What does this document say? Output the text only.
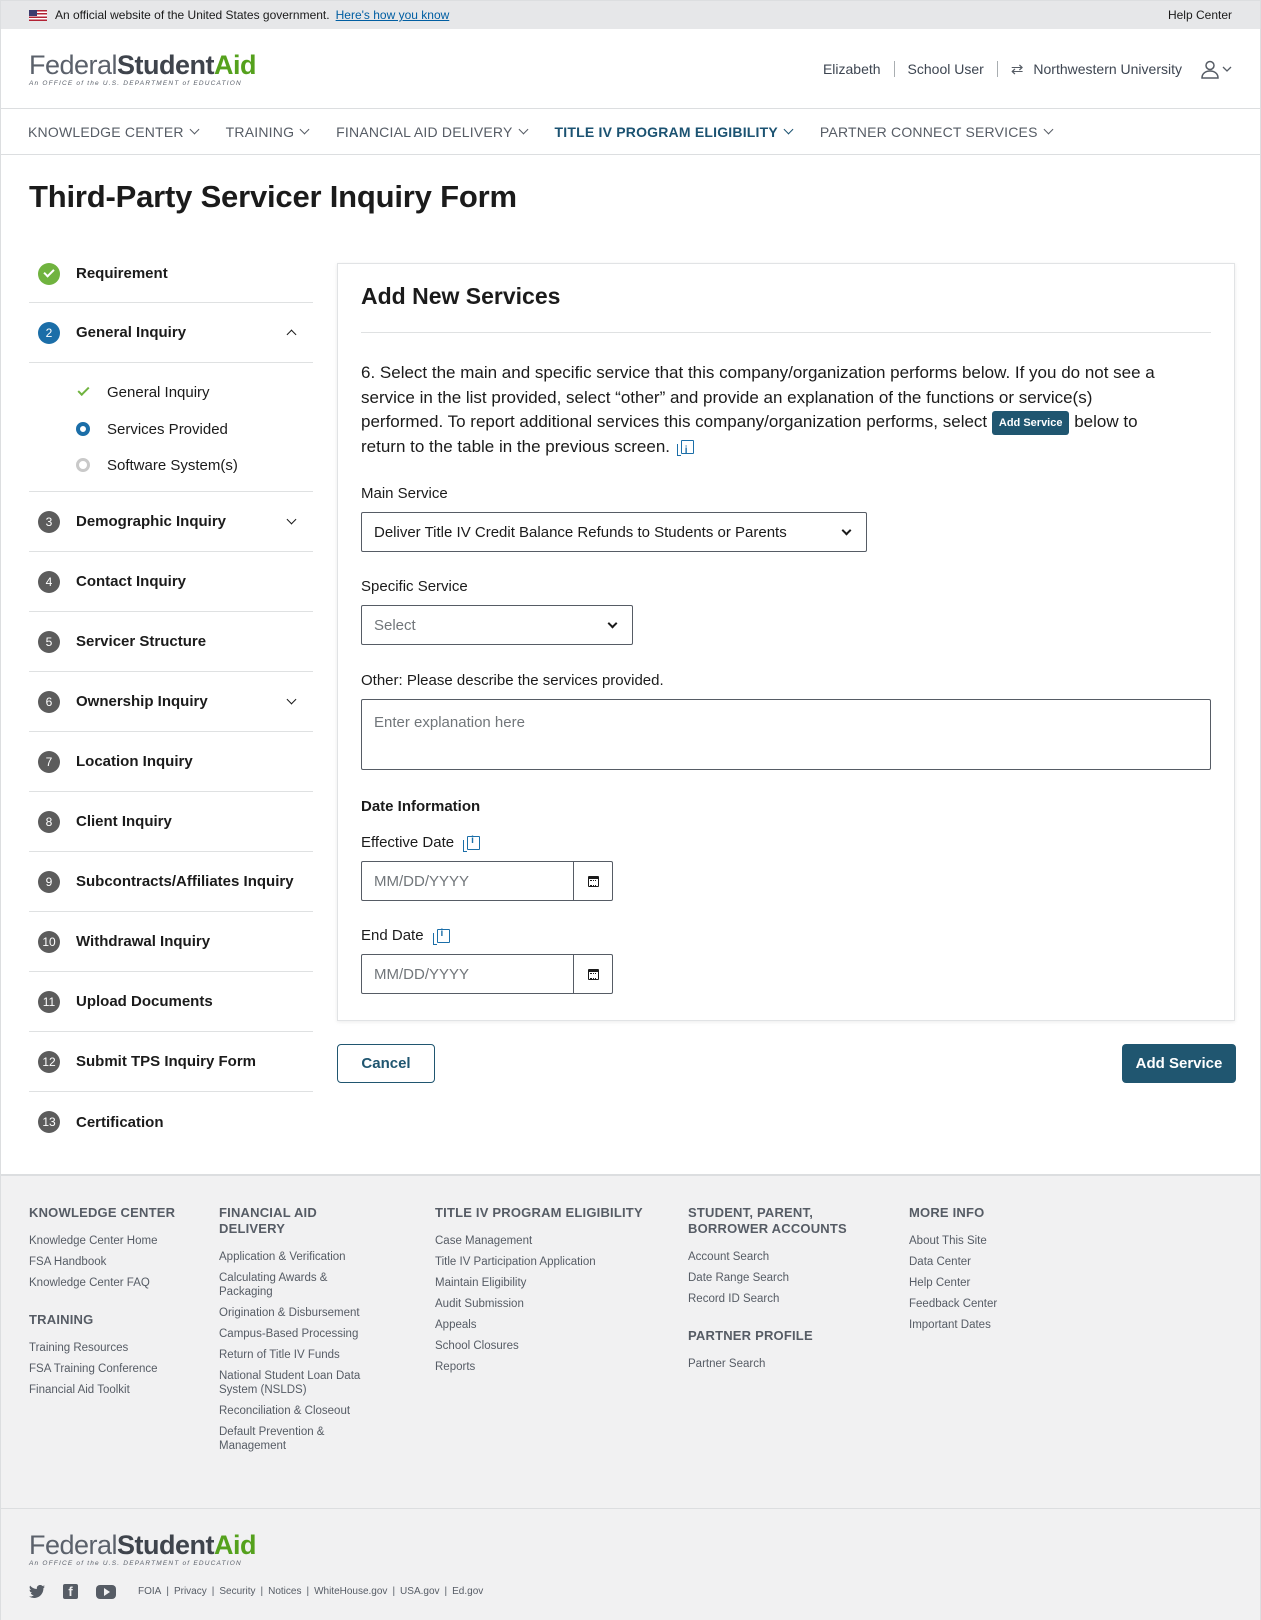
An official website of the United States government. Here's how you know	Help Center
FederalStudentAid
An OFFICE of the U.S. DEPARTMENT of EDUCATION
Elizabeth School User ⇄ Northwestern University
KNOWLEDGE CENTER	TRAINING	FINANCIAL AID DELIVERY	TITLE IV PROGRAM ELIGIBILITY	PARTNER CONNECT SERVICES
Third-Party Servicer Inquiry Form
Requirement
2	General Inquiry
General Inquiry
Services Provided
Software System(s)
3	Demographic Inquiry
4	Contact Inquiry
5	Servicer Structure
6	Ownership Inquiry
7	Location Inquiry
8	Client Inquiry
9	Subcontracts/Affiliates Inquiry
10 Withdrawal Inquiry
11	Upload Documents
12 Submit TPS Inquiry Form
13 Certification
Add New Services

6. Select the main and specific service that this company/organization performs below. If you do not see a service in the list provided, select “other” and provide an explanation of the functions or service(s) performed. To report additional services this company/organization performs, select Add Service below to return to the table in the previous screen. i

Main Service
Deliver Title IV Credit Balance Refunds to Students or Parents
Specific Service
Select
Other: Please describe the services provided.
Enter explanation here
Date Information
Effective Date
i
MM/DD/YYYY
End Date
i
MM/DD/YYYY
Cancel	Add Service
KNOWLEDGE CENTER
Knowledge Center Home
FSA Handbook
Knowledge Center FAQ
TRAINING
Training Resources
FSA Training Conference
Financial Aid Toolkit
FINANCIAL AID DELIVERY
Application & Verification
Calculating Awards & Packaging
Origination & Disbursement
Campus-Based Processing
Return of Title IV Funds
National Student Loan Data System (NSLDS)
Reconciliation & Closeout
Default Prevention & Management
TITLE IV PROGRAM ELIGIBILITY
Case Management
Title IV Participation Application
Maintain Eligibility
Audit Submission
Appeals
School Closures
Reports
STUDENT, PARENT, BORROWER ACCOUNTS
Account Search
Date Range Search
Record ID Search
PARTNER PROFILE
Partner Search
MORE INFO
About This Site
Data Center
Help Center
Feedback Center
Important Dates
FederalStudentAid
An OFFICE of the U.S. DEPARTMENT of EDUCATION
f	FOIA | Privacy | Security | Notices | WhiteHouse.gov | USA.gov | Ed.gov
